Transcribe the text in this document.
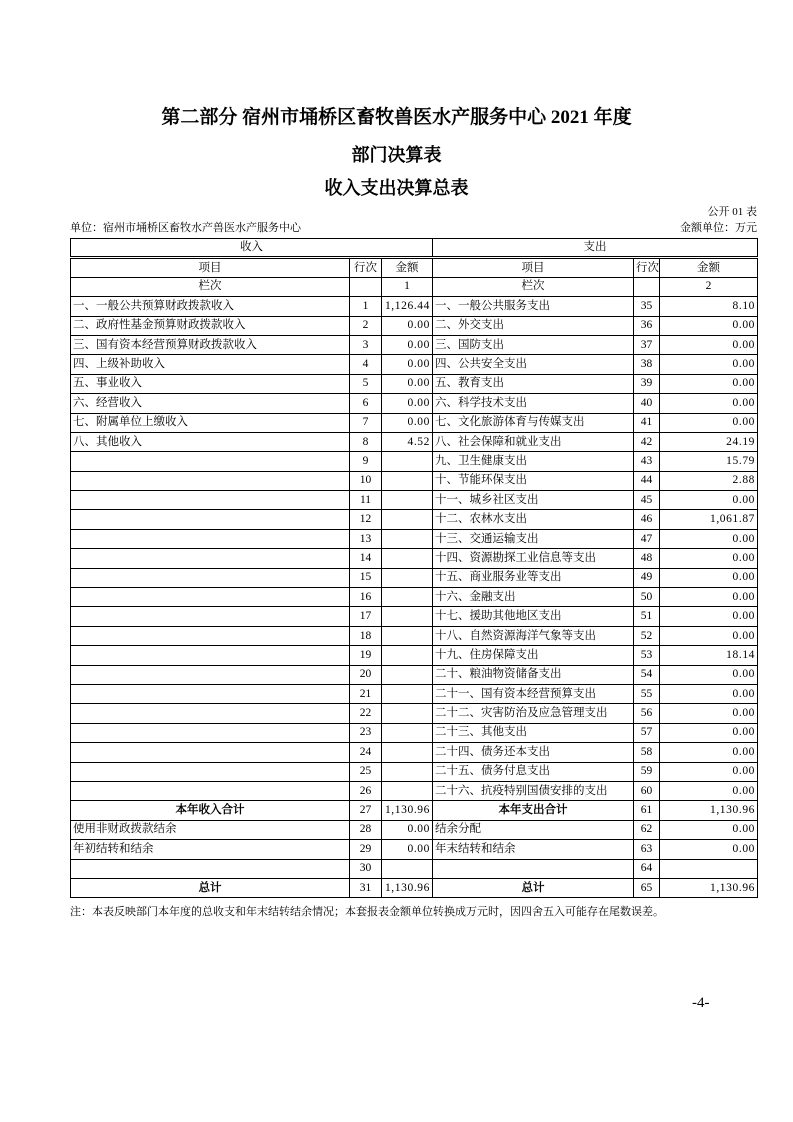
第二部分 宿州市埇桥区畜牧兽医水产服务中心 2021 年度
部门决算表
收入支出决算总表
公开 01 表
单位：宿州市埇桥区畜牧水产兽医水产服务中心	金额单位：万元
收入			支出		
项目	行次	金额	项目	行次	金额
栏次		1	栏次		2
一、一般公共预算财政拨款收入	1	1,126.44	一、一般公共服务支出	35	8.10
二、政府性基金预算财政拨款收入	2	0.00	二、外交支出	36	0.00
三、国有资本经营预算财政拨款收入	3	0.00	三、国防支出	37	0.00
四、上级补助收入	4	0.00	四、公共安全支出	38	0.00
五、事业收入	5	0.00	五、教育支出	39	0.00
六、经营收入	6	0.00	六、科学技术支出	40	0.00
七、附属单位上缴收入	7	0.00	七、文化旅游体育与传媒支出	41	0.00
八、其他收入	8	4.52	八、社会保障和就业支出	42	24.19
	9		九、卫生健康支出	43	15.79
	10		十、节能环保支出	44	2.88
	11		十一、城乡社区支出	45	0.00
	12		十二、农林水支出	46	1,061.87
	13		十三、交通运输支出	47	0.00
	14		十四、资源勘探工业信息等支出	48	0.00
	15		十五、商业服务业等支出	49	0.00
	16		十六、金融支出	50	0.00
	17		十七、援助其他地区支出	51	0.00
	18		十八、自然资源海洋气象等支出	52	0.00
	19		十九、住房保障支出	53	18.14
	20		二十、粮油物资储备支出	54	0.00
	21		二十一、国有资本经营预算支出	55	0.00
	22		二十二、灾害防治及应急管理支出	56	0.00
	23		二十三、其他支出	57	0.00
	24		二十四、债务还本支出	58	0.00
	25		二十五、债务付息支出	59	0.00
	26		二十六、抗疫特别国债安排的支出	60	0.00
本年收入合计	27	1,130.96	本年支出合计	61	1,130.96
使用非财政拨款结余	28	0.00	结余分配	62	0.00
年初结转和结余	29	0.00	年末结转和结余	63	0.00
	30			64	
总计	31	1,130.96	总计	65	1,130.96
注：本表反映部门本年度的总收支和年末结转结余情况；本套报表金额单位转换成万元时，因四舍五入可能存在尾数误差。
-4-
